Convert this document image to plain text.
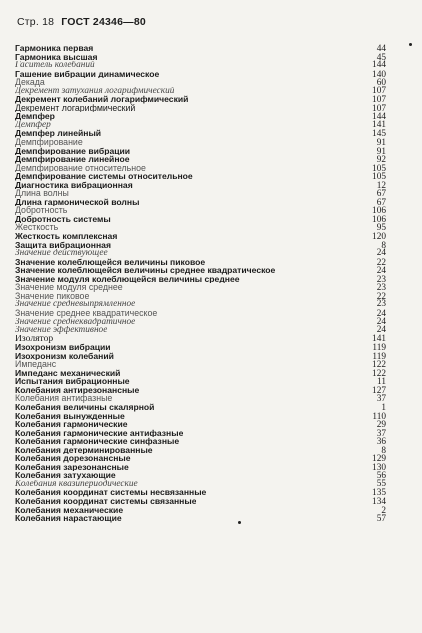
Стр. 18 ГОСТ 24346—80
Гармоника первая	44
Гармоника высшая	45
Гаситель колебаний	144
Гашение вибрации динамическое	140
Декада	60
Декремент затухания логарифмический	107
Декремент колебаний логарифмический	107
Декремент логарифмический	107
Демпфер	144
Демпфер	141
Демпфер линейный	145
Демпфирование	91
Демпфирование вибрации	91
Демпфирование линейное	92
Демпфирование относительное	105
Демпфирование системы относительное	105
Диагностика вибрационная	12
Длина волны	67
Длина гармонической волны	67
Добротность	106
Добротность системы	106
Жесткость	95
Жесткость комплексная	120
Защита вибрационная	8
Значение действующее	24
Значение колеблющейся величины пиковое	22
Значение колеблющейся величины среднее квадратическое	24
Значение модуля колеблющейся величины среднее	23
Значение модуля среднее	23
Значение пиковое	22
Значение средневыпрямленное	23
Значение среднее квадратическое	24
Значение среднеквадратичное	24
Значение эффективное	24
Изолятор	141
Изохронизм вибрации	119
Изохронизм колебаний	119
Импеданс	122
Импеданс механический	122
Испытания вибрационные	11
Колебания антирезонансные	127
Колебания антифазные	37
Колебания величины скалярной	1
Колебания вынужденные	110
Колебания гармонические	29
Колебания гармонические антифазные	37
Колебания гармонические синфазные	36
Колебания детерминированные	8
Колебания дорезонансные	129
Колебания зарезонансные	130
Колебания затухающие	56
Колебания квазипериодические	55
Колебания координат системы несвязанные	135
Колебания координат системы связанные	134
Колебания механические	2
Колебания нарастающие	57
